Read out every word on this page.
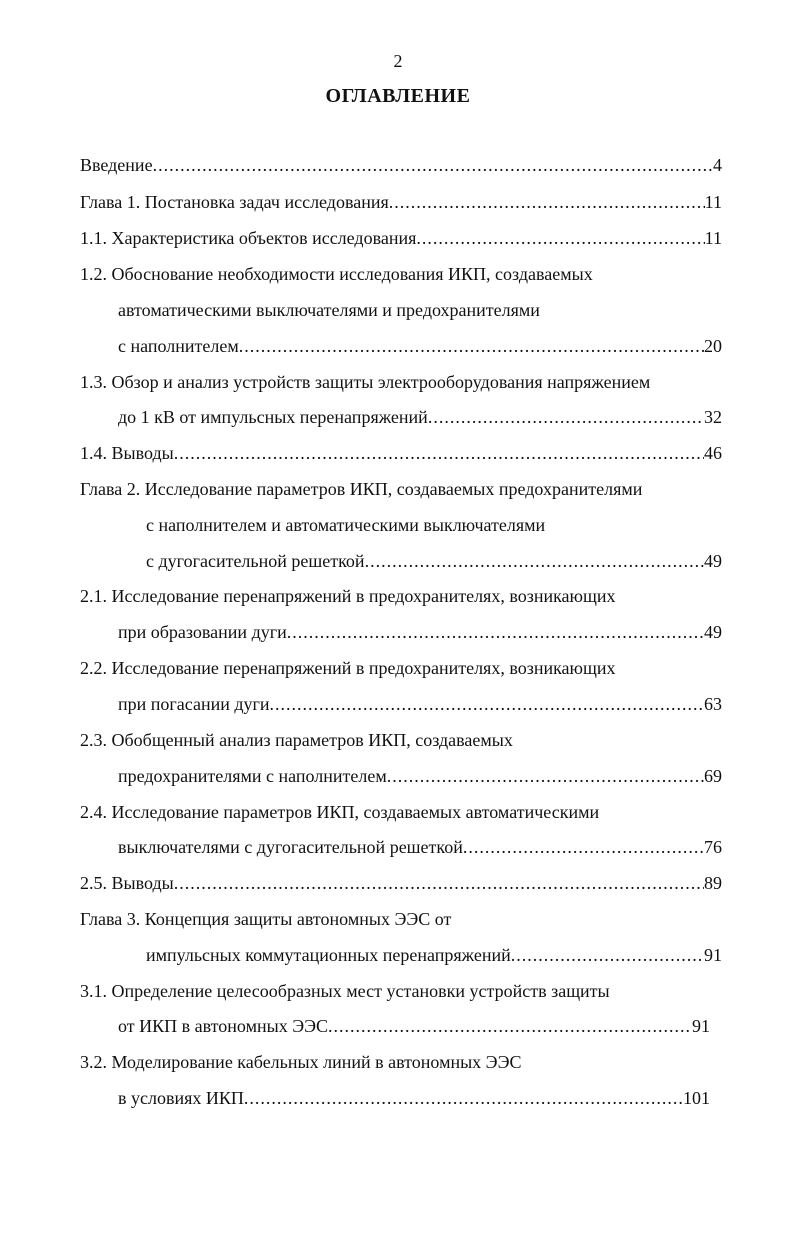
2
ОГЛАВЛЕНИЕ
Введение .....	4
Глава 1. Постановка задач исследования .....	11
1.1. Характеристика объектов исследования .....	11
1.2. Обоснование необходимости исследования ИКП, создаваемых
автоматическими выключателями и предохранителями
с наполнителем .....	20
1.3. Обзор и анализ устройств защиты электрооборудования напряжением
до 1 кВ от импульсных перенапряжений .....	32
1.4. Выводы .....	46
Глава 2. Исследование параметров ИКП, создаваемых предохранителями
с наполнителем и автоматическими выключателями
с дугогасительной решеткой .....	49
2.1. Исследование перенапряжений в предохранителях, возникающих
при образовании дуги .....	49
2.2. Исследование перенапряжений в предохранителях, возникающих
при погасании дуги .....	63
2.3. Обобщенный анализ параметров ИКП, создаваемых
предохранителями с наполнителем .....	69
2.4. Исследование параметров ИКП, создаваемых автоматическими
выключателями с дугогасительной решеткой .....	76
2.5. Выводы .....	89
Глава 3. Концепция защиты автономных ЭЭС от
импульсных коммутационных перенапряжений .....	91
3.1. Определение целесообразных мест установки устройств защиты
от ИКП в автономных ЭЭС .....	91
3.2. Моделирование кабельных линий в автономных ЭЭС
в условиях ИКП .....	101
